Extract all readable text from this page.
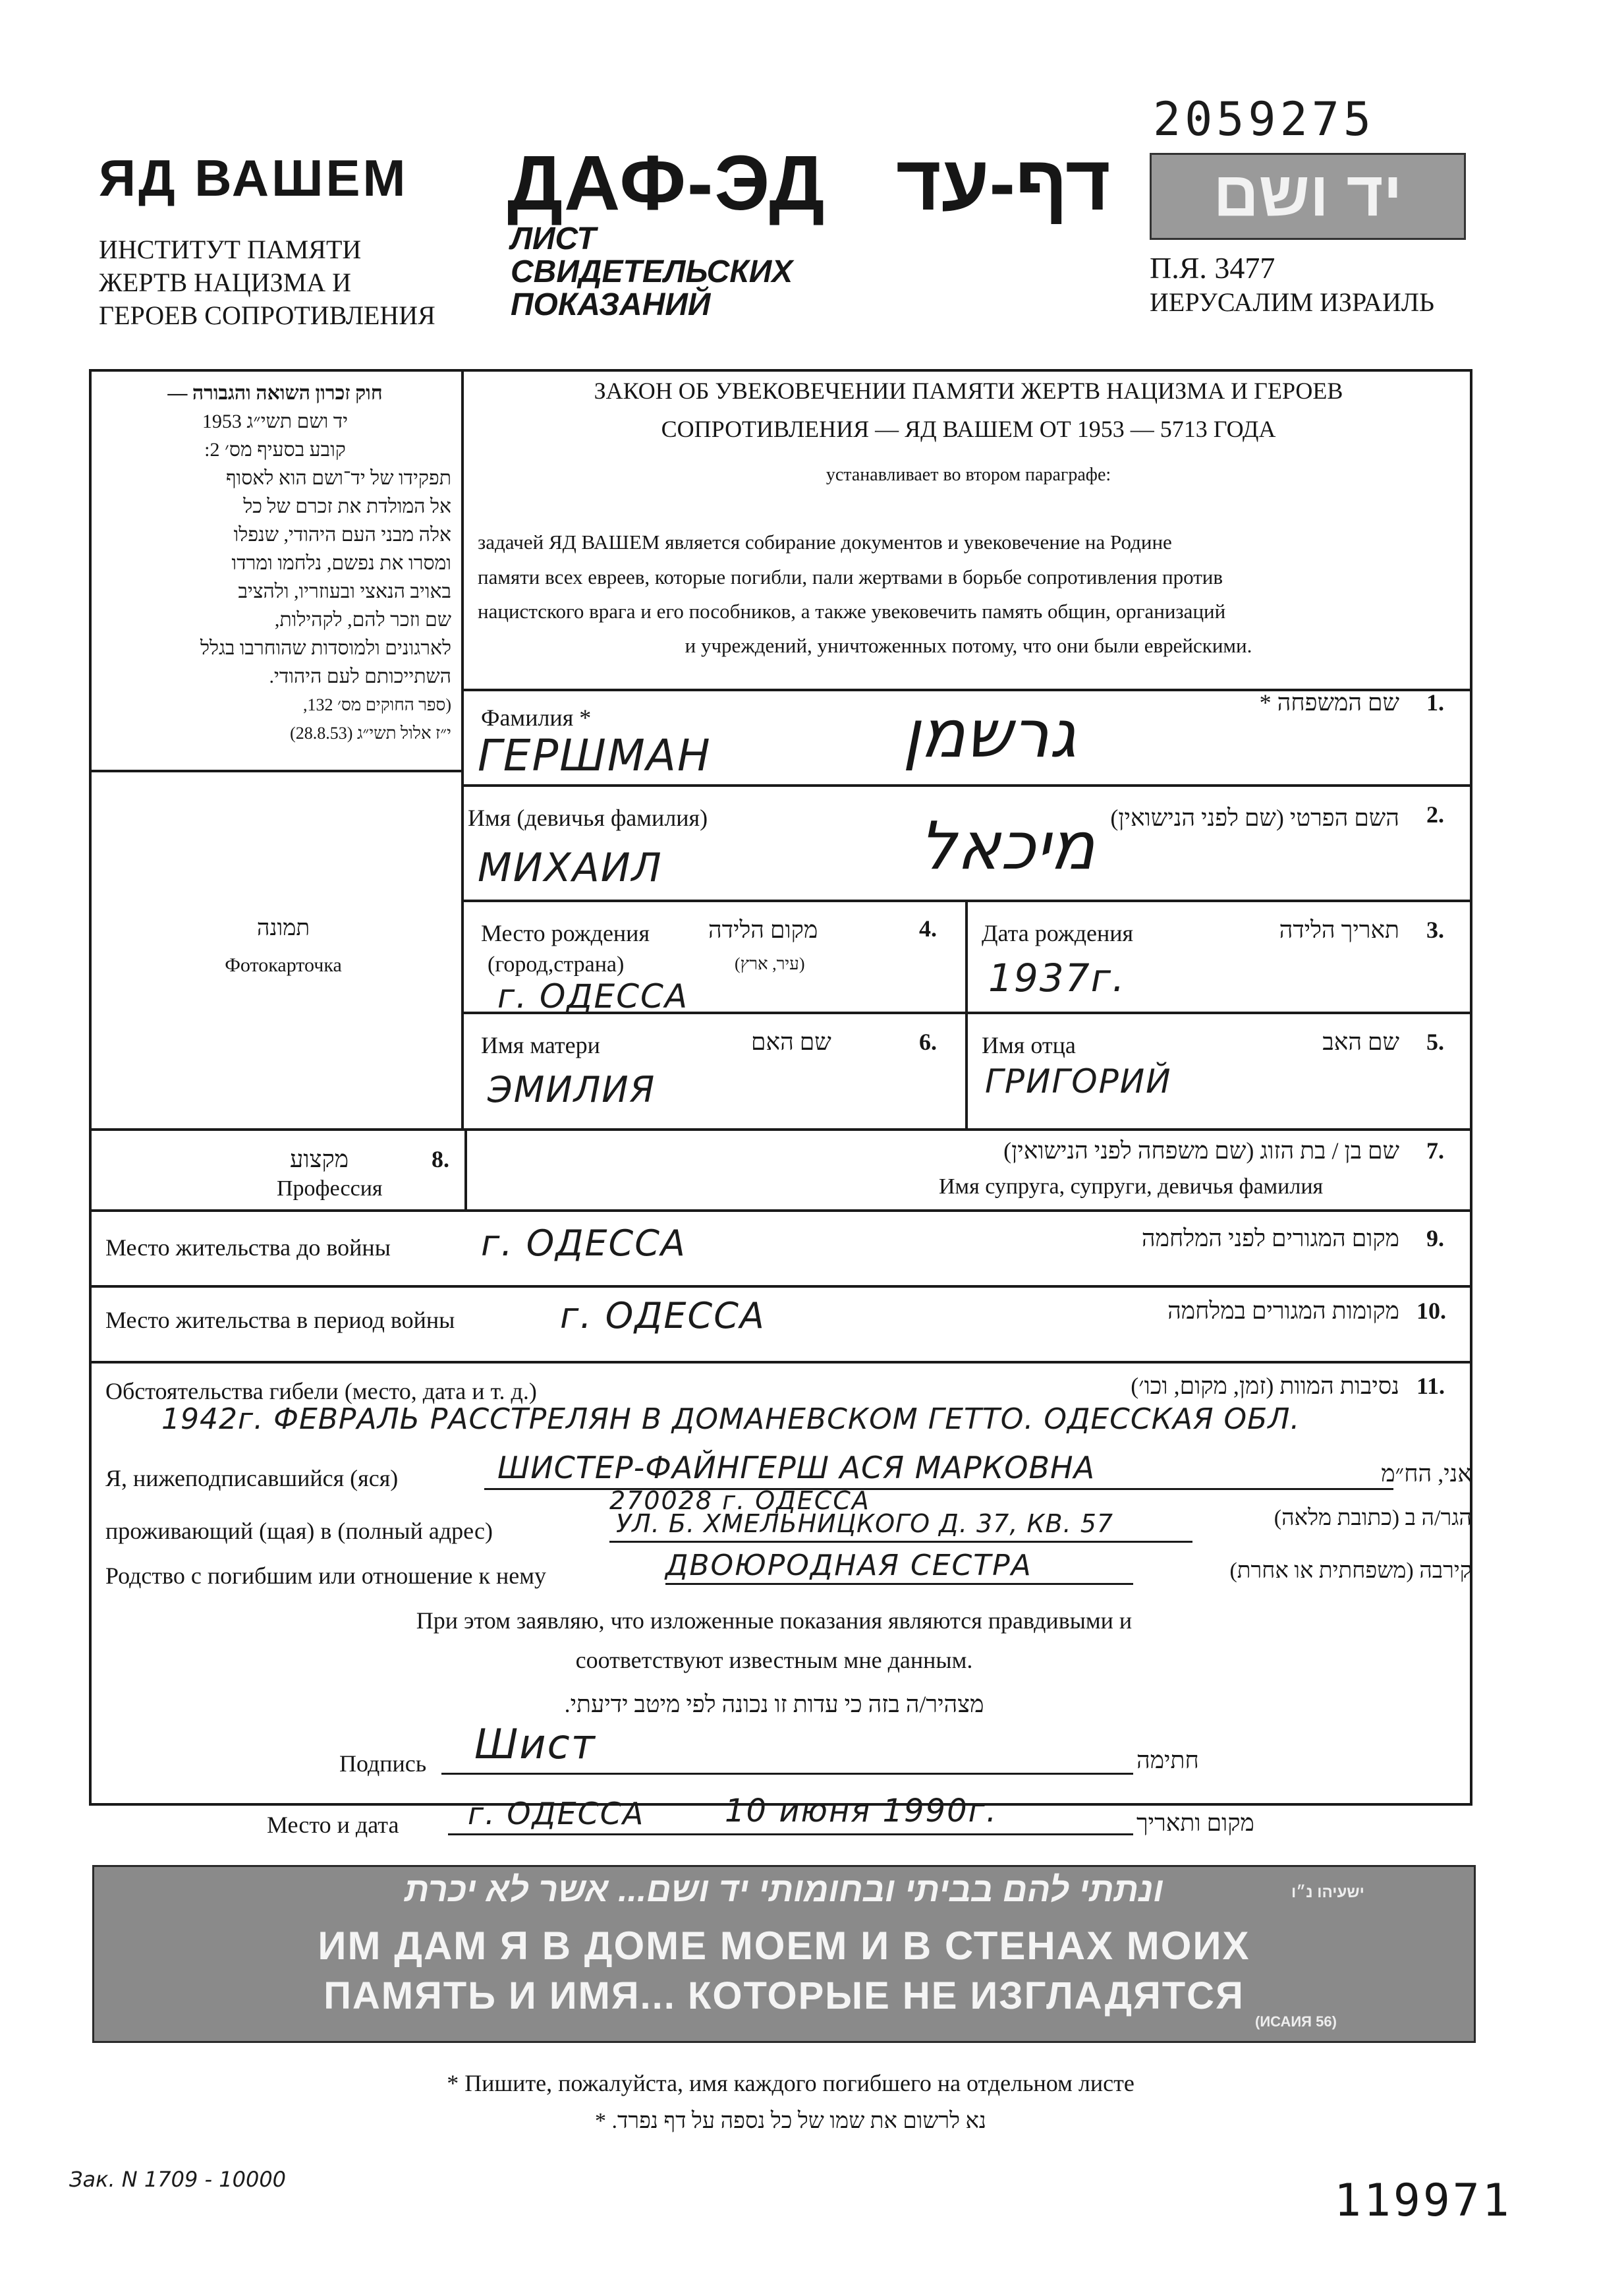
2059275
ЯД ВАШЕМ
ИНСТИТУТ ПАМЯТИ
ЖЕРТВ НАЦИЗМА И
ГЕРОЕВ СОПРОТИВЛЕНИЯ
ДАФ-ЭД דף-עד
ЛИСТ
СВИДЕТЕЛЬСКИХ
ПОКАЗАНИЙ
יד ושם
П.Я. 3477
ИЕРУСАЛИМ ИЗРАИЛЬ
חוק זכרון השואה והגבורה —
יד ושם תשי״ג 1953
קובע בסעיף מס׳ 2:
תפקידו של יד־ושם הוא לאסוף
אל המולדת את זכרם של כל
אלה מבני העם היהודי, שנפלו
ומסרו את נפשם, נלחמו ומרדו
באויב הנאצי ובעוזריו, ולהציב
שם וזכר להם, לקהילות,
לארגונים ולמוסדות שהוחרבו בגלל
השתייכותם לעם היהודי.
(ספר החוקים מס׳ 132,
י״ז אלול תשי״ג (28.8.53)
ЗАКОН ОБ УВЕКОВЕЧЕНИИ ПАМЯТИ ЖЕРТВ НАЦИЗМА И ГЕРОЕВ
СОПРОТИВЛЕНИЯ — ЯД ВАШЕМ ОТ 1953 — 5713 ГОДА
устанавливает во втором параграфе:
задачей ЯД ВАШЕМ является собирание документов и увековечение на Родине
памяти всех евреев, которые погибли, пали жертвами в борьбе сопротивления против
нацистского врага и его пособников, а также увековечить память общин, организаций
и учреждений, уничтоженных потому, что они были еврейскими.
תמונה
Фотокарточка
Фамилия *
שם המשפחה * 1.
ГЕРШМАН	גרשמן
Имя (девичья фамилия)	השם הפרטי (שם לפני הנישואין) 2.
МИХАИЛ	מיכאל
Место рождения
(город,страна)
מקום הלידה
(עיר, ארץ)
4.
г. ОДЕССА
Дата рождения	תאריך הלידה 3.
1937г.
Имя матери	שם האם	6.
ЭМИЛИЯ
Имя отца	שם האב 5.
ГРИГОРИЙ
מקצוע	8.
Профессия
שם בן / בת הזוג (שם משפחה לפני הנישואין) 7.
Имя супруга, супруги, девичья фамилия
Место жительства до войны	г. ОДЕССА	מקום המגורים לפני המלחמה 9.
Место жительства в период войны	г. ОДЕССА	מקומות המגורים במלחמה 10.
Обстоятельства гибели (место, дата и т. д.)	נסיבות המוות (זמן, מקום, וכו׳) 11.
1942г. ФЕВРАЛЬ РАССТРЕЛЯН В ДОМАНЕВСКОМ ГЕТТО. ОДЕССКАЯ ОБЛ.
Я, нижеподписавшийся (яся)	ШИСТЕР-ФАЙНГЕРШ АСЯ МАРКОВНА	אני, הח״מ
270028 г. ОДЕССА
проживающий (щая) в (полный адрес)	УЛ. Б. ХМЕЛЬНИЦКОГО Д. 37, КВ. 57	הגר/ה ב (כתובת מלאה)
Родство с погибшим или отношение к нему	ДВОЮРОДНАЯ СЕСТРА	קירבה (משפחתית או אחרת)
При этом заявляю, что изложенные показания являются правдивыми и
соответствуют известным мне данным.
מצהיר/ה בזה כי עדות זו נכונה לפי מיטב ידיעתי.
Подпись Шист	חתימה
Место и дата г. ОДЕССА	10 июня 1990г.	מקום ותאריך
ונתתי להם בביתי ובחומותי יד ושם... אשר לא יכרת	ישעיהו נ״ו
ИМ ДАМ Я В ДОМЕ МОЕМ И В СТЕНАХ МОИХ
ПАМЯТЬ И ИМЯ... КОТОРЫЕ НЕ ИЗГЛАДЯТСЯ
(ИСАИЯ 56)
* Пишите, пожалуйста, имя каждого погибшего на отдельном листе
נא לרשום את שמו של כל נספה על דף נפרד. *
Зак. N 1709 - 10000	119971
